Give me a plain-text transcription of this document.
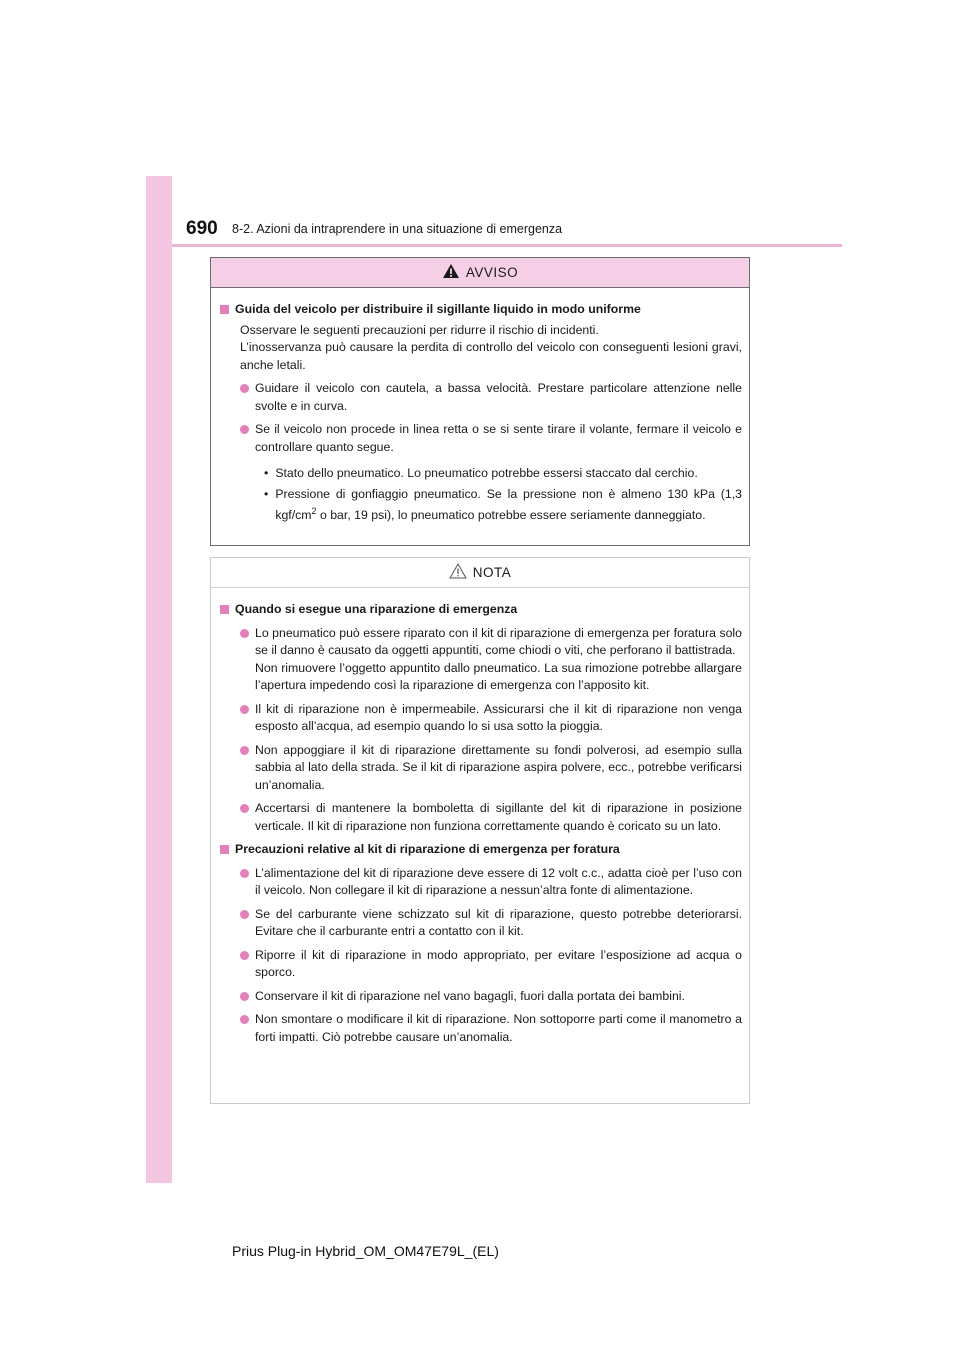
690 8-2. Azioni da intraprendere in una situazione di emergenza
AVVISO
Guida del veicolo per distribuire il sigillante liquido in modo uniforme
Osservare le seguenti precauzioni per ridurre il rischio di incidenti.
L’inosservanza può causare la perdita di controllo del veicolo con conseguenti lesioni gravi, anche letali.
Guidare il veicolo con cautela, a bassa velocità. Prestare particolare attenzione nelle svolte e in curva.
Se il veicolo non procede in linea retta o se si sente tirare il volante, fermare il veicolo e controllare quanto segue.
• Stato dello pneumatico. Lo pneumatico potrebbe essersi staccato dal cerchio.
• Pressione di gonfiaggio pneumatico. Se la pressione non è almeno 130 kPa (1,3 kgf/$cm^2$ o bar, 19 psi), lo pneumatico potrebbe essere seriamente danneggiato.
NOTA
Quando si esegue una riparazione di emergenza
Lo pneumatico può essere riparato con il kit di riparazione di emergenza per foratura solo se il danno è causato da oggetti appuntiti, come chiodi o viti, che perforano il battistrada.
Non rimuovere l’oggetto appuntito dallo pneumatico. La sua rimozione potrebbe allargare l’apertura impedendo così la riparazione di emergenza con l’apposito kit.
Il kit di riparazione non è impermeabile. Assicurarsi che il kit di riparazione non venga esposto all’acqua, ad esempio quando lo si usa sotto la pioggia.
Non appoggiare il kit di riparazione direttamente su fondi polverosi, ad esempio sulla sabbia al lato della strada. Se il kit di riparazione aspira polvere, ecc., potrebbe verificarsi un’anomalia.
Accertarsi di mantenere la bomboletta di sigillante del kit di riparazione in posizione verticale. Il kit di riparazione non funziona correttamente quando è coricato su un lato.
Precauzioni relative al kit di riparazione di emergenza per foratura
L’alimentazione del kit di riparazione deve essere di 12 volt c.c., adatta cioè per l’uso con il veicolo. Non collegare il kit di riparazione a nessun’altra fonte di alimentazione.
Se del carburante viene schizzato sul kit di riparazione, questo potrebbe deteriorarsi. Evitare che il carburante entri a contatto con il kit.
Riporre il kit di riparazione in modo appropriato, per evitare l’esposizione ad acqua o sporco.
Conservare il kit di riparazione nel vano bagagli, fuori dalla portata dei bambini.
Non smontare o modificare il kit di riparazione. Non sottoporre parti come il manometro a forti impatti. Ciò potrebbe causare un’anomalia.
Prius Plug-in Hybrid_OM_OM47E79L_(EL)
